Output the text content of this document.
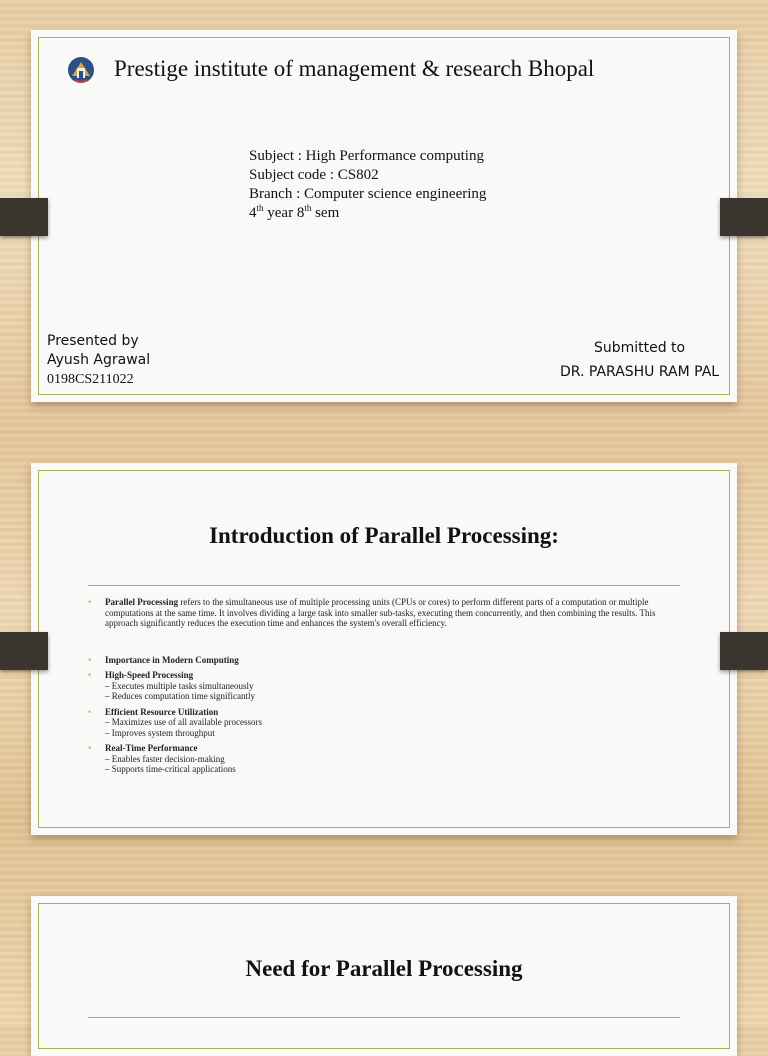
Prestige institute of management & research Bhopal
Subject : High Performance computing
Subject code : CS802
Branch : Computer science engineering
4th year 8th sem
Presented by
Ayush Agrawal
0198CS211022
Submitted to
DR. PARASHU RAM PAL
Introduction of Parallel Processing:
• Parallel Processing refers to the simultaneous use of multiple processing units (CPUs or cores) to perform different parts of a computation or multiple computations at the same time. It involves dividing a large task into smaller sub-tasks, executing them concurrently, and then combining the results. This approach significantly reduces the execution time and enhances the system's overall efficiency.
• Importance in Modern Computing
• High-Speed Processing
– Executes multiple tasks simultaneously
– Reduces computation time significantly
• Efficient Resource Utilization
– Maximizes use of all available processors
– Improves system throughput
• Real-Time Performance
– Enables faster decision-making
– Supports time-critical applications
Need for Parallel Processing
